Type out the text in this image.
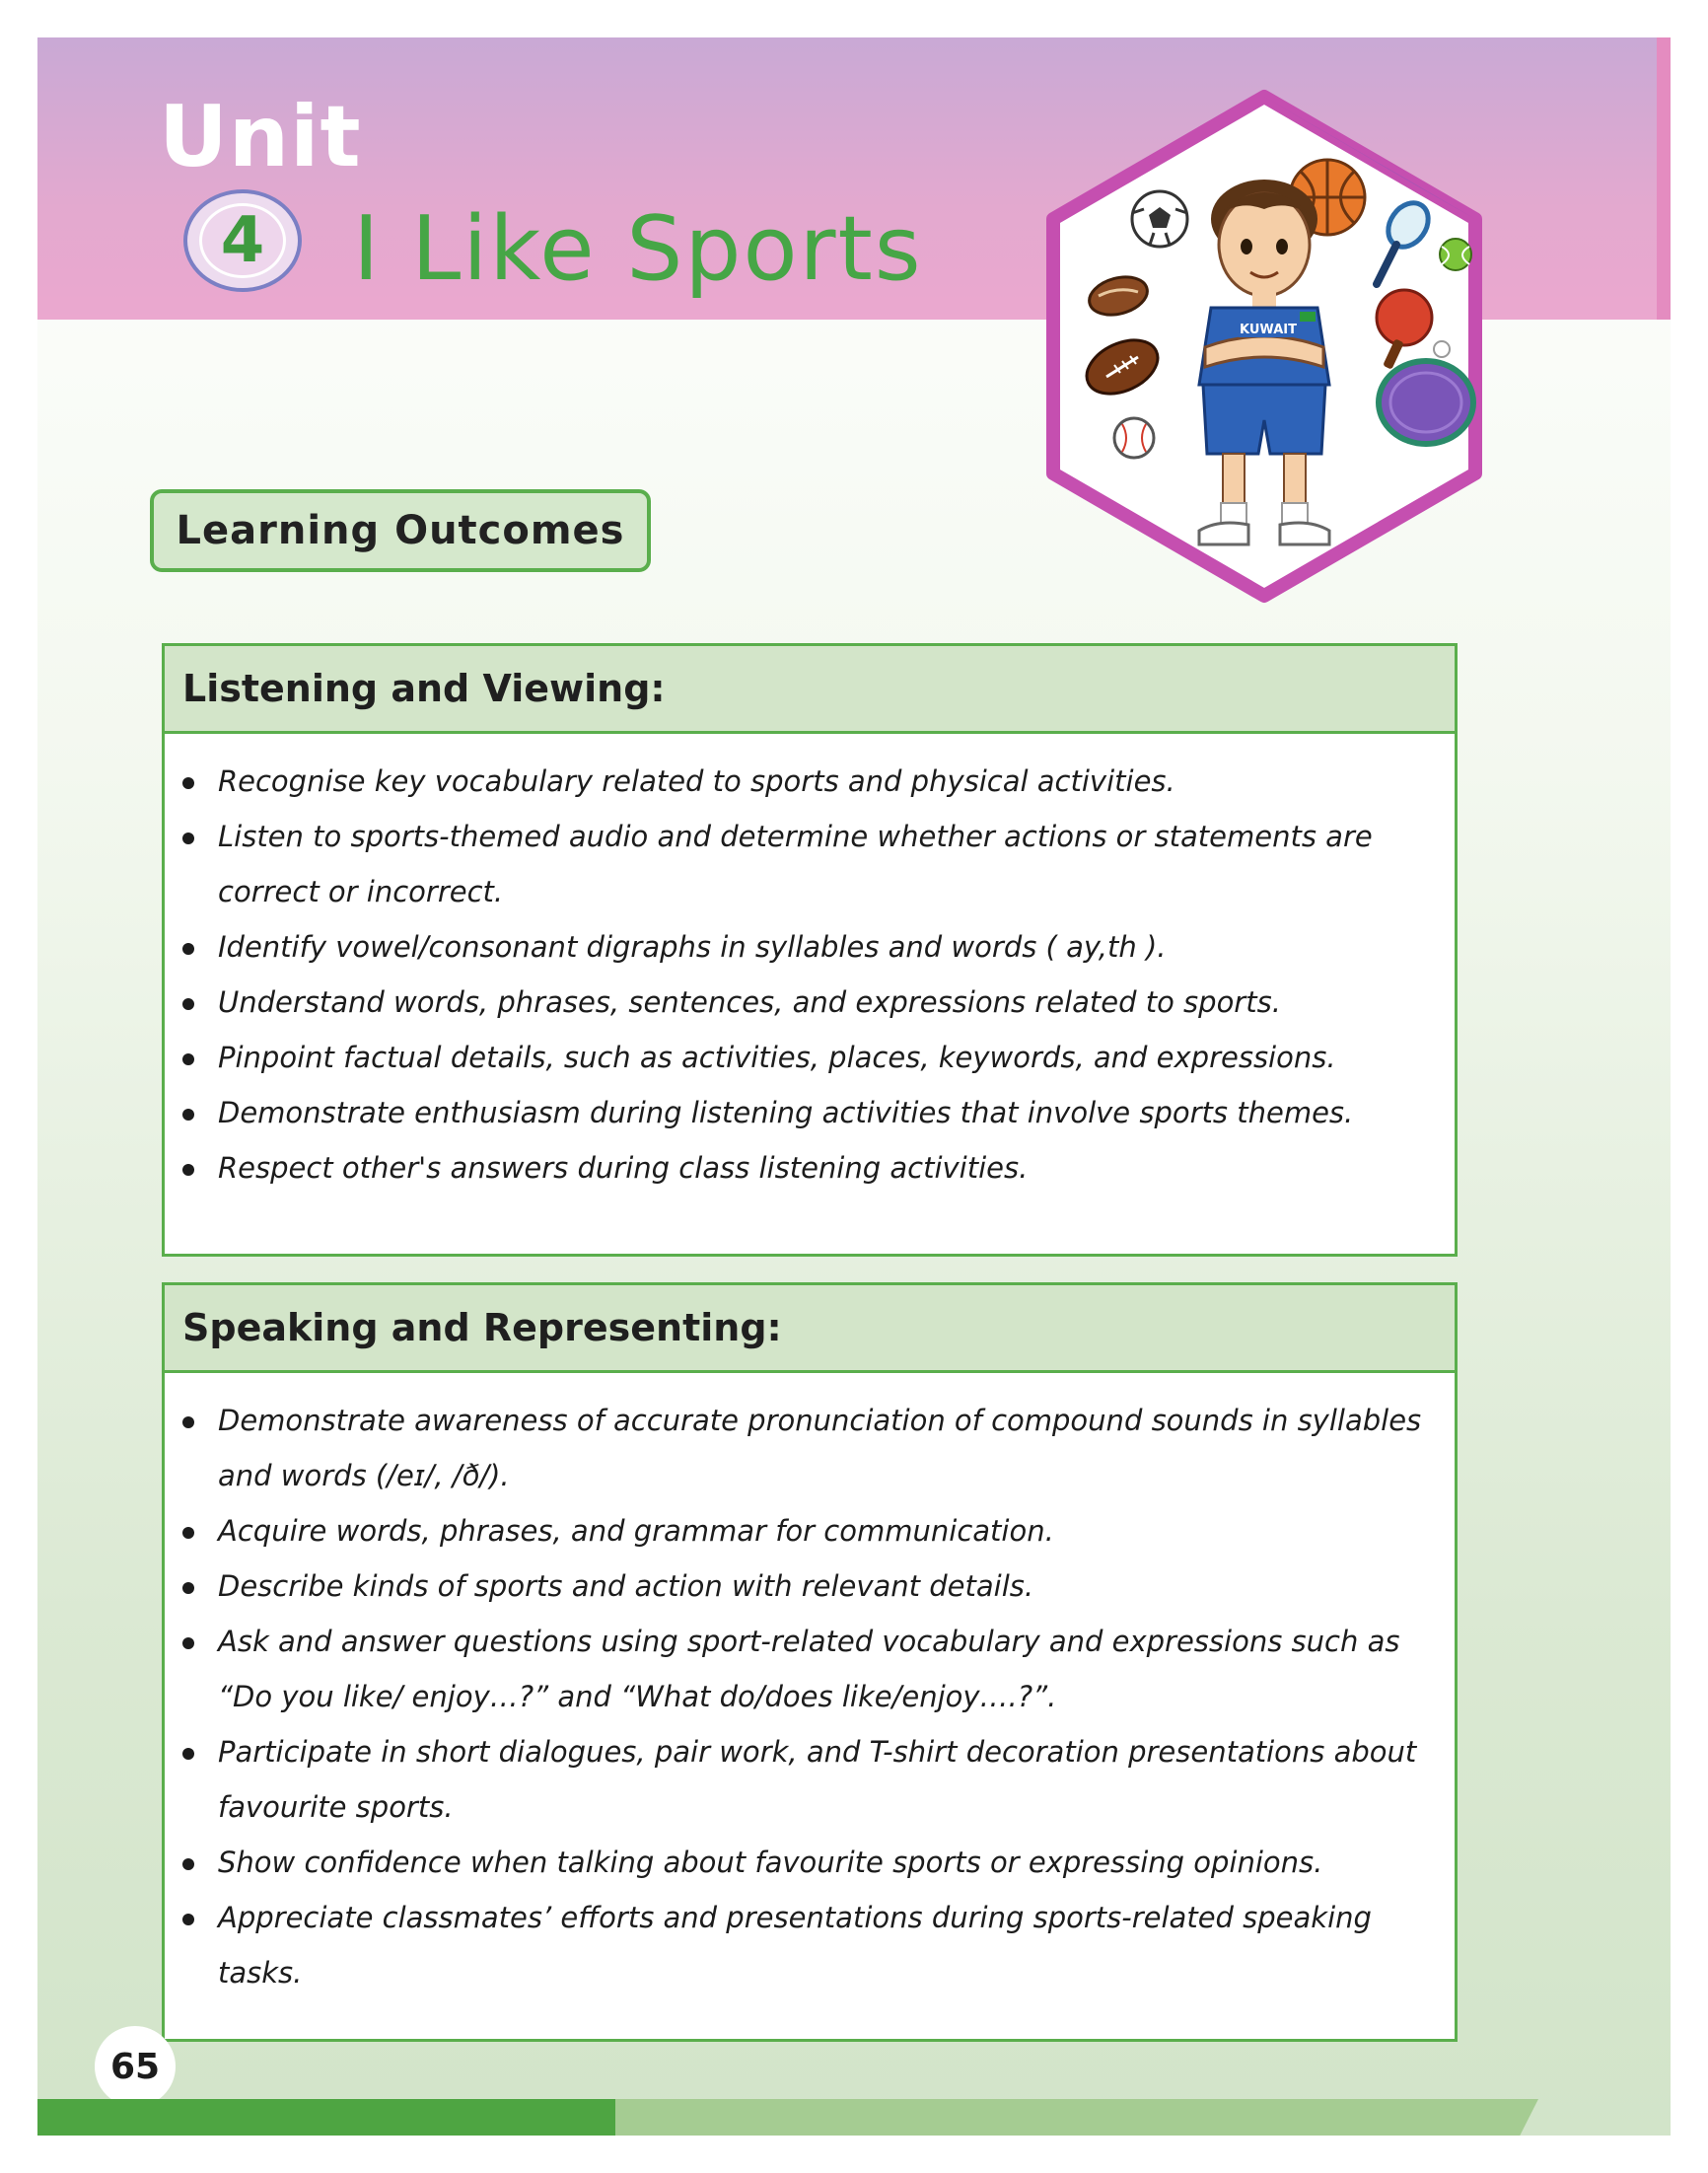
Unit
4 I Like Sports
KUWAIT
Learning Outcomes
Listening and Viewing:
Recognise key vocabulary related to sports and physical activities.
Listen to sports-themed audio and determine whether actions or statements are correct or incorrect.
Identify vowel/consonant digraphs in syllables and words ( ay,th ).
Understand words, phrases, sentences, and expressions related to sports.
Pinpoint factual details, such as activities, places, keywords, and expressions.
Demonstrate enthusiasm during listening activities that involve sports themes.
Respect other's answers during class listening activities.
Speaking and Representing:
Demonstrate awareness of accurate pronunciation of compound sounds in syllables and words (/eɪ/, /ð/).
Acquire words, phrases, and grammar for communication.
Describe kinds of sports and action with relevant details.
Ask and answer questions using sport-related vocabulary and expressions such as “Do you like/ enjoy…?” and “What do/does like/enjoy….?”.
Participate in short dialogues, pair work, and T-shirt decoration presentations about favourite sports.
Show confidence when talking about favourite sports or expressing opinions.
Appreciate classmates’ efforts and presentations during sports-related speaking tasks.
65
